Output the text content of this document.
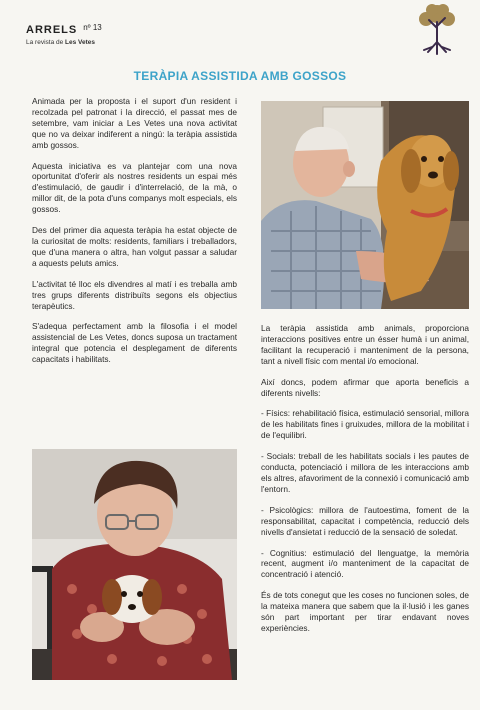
ARRELS nº 13
La revista de Les Vetes
TERÀPIA ASSISTIDA AMB GOSSOS

Animada per la proposta i el suport d'un resident i recolzada pel patronat i la direcció, el passat mes de setembre, vam iniciar a Les Vetes una nova activitat que no va deixar indiferent a ningú: la teràpia assistida amb gossos.

Aquesta iniciativa es va plantejar com una nova oportunitat d'oferir als nostres residents un espai més d'estimulació, de gaudir i d'interrelació, de la mà, o millor dit, de la pota d'uns companys molt especials, els gossos.

Des del primer dia aquesta teràpia ha estat objecte de la curiositat de molts: residents, familiars i treballadors, que d'una manera o altra, han volgut passar a saludar a aquests peluts amics.

L'activitat té lloc els divendres al matí i es treballa amb tres grups diferents distribuïts segons els objectius terapèutics.

S'adequa perfectament amb la filosofia i el model assistencial de Les Vetes, doncs suposa un tractament integral que potencia el desplegament de diferents capacitats i habilitats.

La teràpia assistida amb animals, proporciona interaccions positives entre un ésser humà i un animal, facilitant la recuperació i manteniment de la persona, tant a nivell físic com mental i/o emocional.

Així doncs, podem afirmar que aporta beneficis a diferents nivells:

- Físics: rehabilitació física, estimulació sensorial, millora de les habilitats fines i gruixudes, millora de la mobilitat i de l'equilibri.

- Socials: treball de les habilitats socials i les pautes de conducta, potenciació i millora de les interaccions amb els altres, afavoriment de la connexió i comunicació amb l'entorn.

- Psicològics: millora de l'autoestima, foment de la responsabilitat, capacitat i competència, reducció dels nivells d'ansietat i reducció de la sensació de soledat.

- Cognitius: estimulació del llenguatge, la memòria recent, augment i/o manteniment de la capacitat de concentració i atenció.

És de tots conegut que les coses no funcionen soles, de la mateixa manera que sabem que la il·lusió i les ganes són part important per tirar endavant noves experiències.
